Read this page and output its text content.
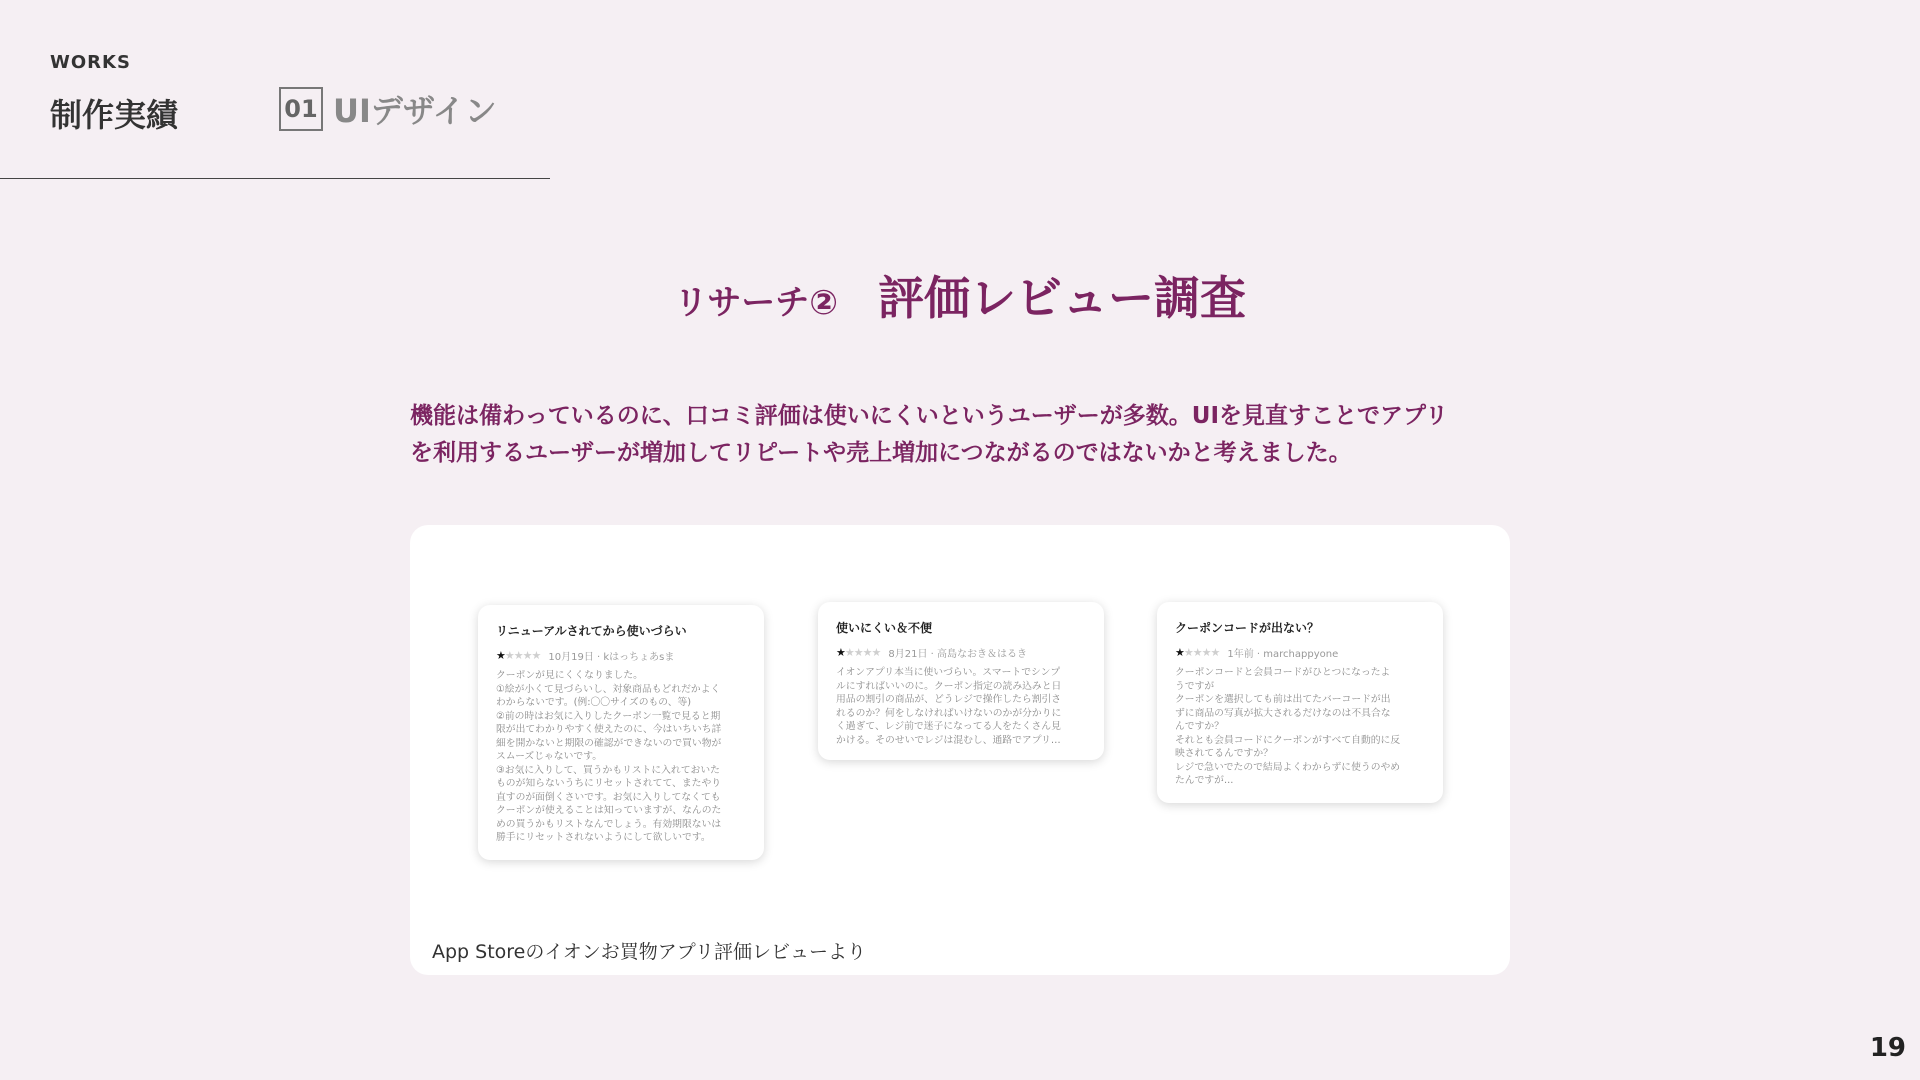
WORKS
制作実績	01 UIデザイン
リサーチ② 評価レビュー調査

機能は備わっているのに、口コミ評価は使いにくいというユーザーが多数。UIを見直すことでアプリ

を利用するユーザーが増加してリピートや売上増加につながるのではないかと考えました。

リニューアルされてから使いづらい
★★★★★ 10月19日 · kはっちょあsま
クーポンが見にくくなりました。
①絵が小くて見づらいし、対象商品もどれだかよく
わからないです。(例:〇〇サイズのもの、等)
②前の時はお気に入りしたクーポン一覧で見ると期
限が出てわかりやすく使えたのに、今はいちいち詳
細を開かないと期限の確認ができないので買い物が
スムーズじゃないです。
③お気に入りして、買うかもリストに入れておいた
ものが知らないうちにリセットされてて、またやり
直すのが面倒くさいです。お気に入りしてなくても
クーポンが使えることは知っていますが、なんのた
めの買うかもリストなんでしょう。有効期限ないは
勝手にリセットされないようにして欲しいです。
使いにくい＆不便
★★★★★ 8月21日 · 高島なおき＆はるき
イオンアプリ本当に使いづらい。スマートでシンプ
ルにすればいいのに。クーポン指定の読み込みと日
用品の割引の商品が、どうレジで操作したら割引さ
れるのか？何をしなければいけないのかが分かりに
く過ぎて、レジ前で迷子になってる人をたくさん見
かける。そのせいでレジは混むし、通路でアプリ…
クーポンコードが出ない？
★★★★★ 1年前 · marchappyone
クーポンコードと会員コードがひとつになったよ
うですが
クーポンを選択しても前は出てたバーコードが出
ずに商品の写真が拡大されるだけなのは不具合な
んですか？
それとも会員コードにクーポンがすべて自動的に反
映されてるんですか？
レジで急いでたので結局よくわからずに使うのやめ
たんですが...
App Storeのイオンお買物アプリ評価レビューより
19
